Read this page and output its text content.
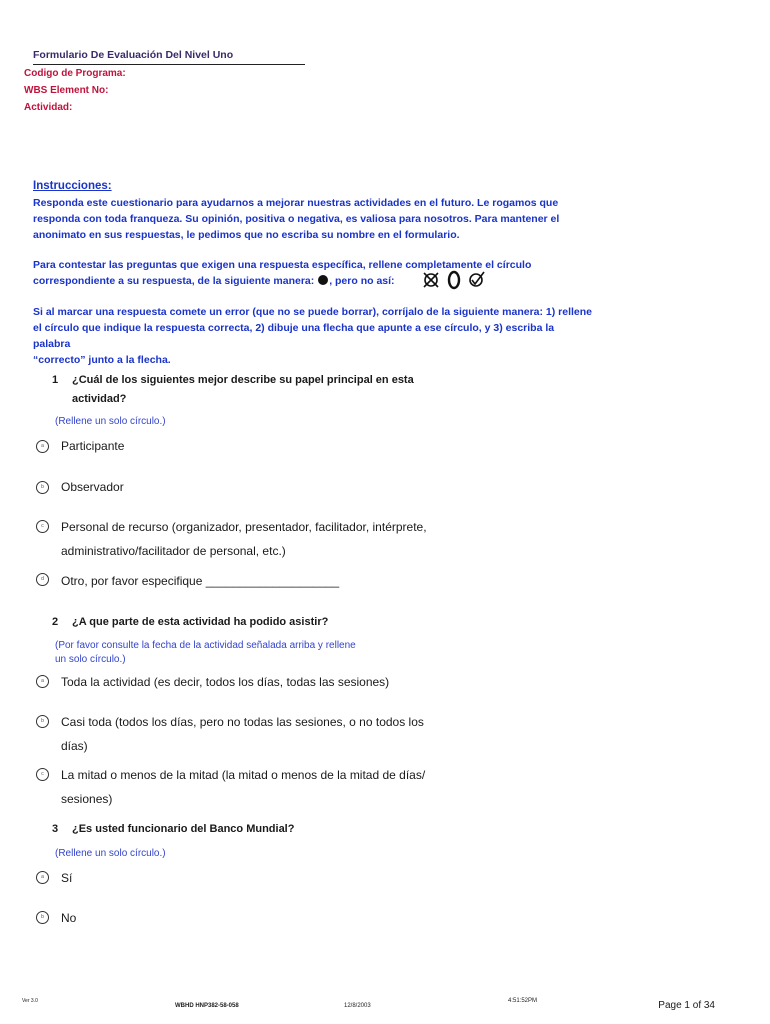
Formulario De Evaluación Del Nivel Uno
Codigo de Programa:
WBS Element No:
Actividad:
Instrucciones:
Responda este cuestionario para ayudarnos a mejorar nuestras actividades en el futuro. Le rogamos que
responda con toda franqueza. Su opinión, positiva o negativa, es valiosa para nosotros. Para mantener el
anonimato en sus respuestas, le pedimos que no escriba su nombre en el formulario.
Para contestar las preguntas que exigen una respuesta específica, rellene completamente el círculo
correspondiente a su respuesta, de la siguiente manera: , pero no así:
Si al marcar una respuesta comete un error (que no se puede borrar), corríjalo de la siguiente manera: 1) rellene
el círculo que indique la respuesta correcta, 2) dibuje una flecha que apunte a ese círculo, y 3) escriba la palabra
“correcto” junto a la flecha.
1 ¿Cuál de los siguientes mejor describe su papel principal en esta
actividad?
(Rellene un solo círculo.)
a Participante
b Observador
c Personal de recurso (organizador, presentador, facilitador, intérprete,
administrativo/facilitador de personal, etc.)
d Otro, por favor especifique ____________________
2 ¿A que parte de esta actividad ha podido asistir?
(Por favor consulte la fecha de la actividad señalada arriba y rellene
un solo círculo.)
a Toda la actividad (es decir, todos los días, todas las sesiones)
b Casi toda (todos los días, pero no todas las sesiones, o no todos los
días)
c La mitad o menos de la mitad (la mitad o menos de la mitad de días/
sesiones)
3 ¿Es usted funcionario del Banco Mundial?
(Rellene un solo círculo.)
a Sí
b No
Ver 3.0
WBHD HNP382-58-058	12/8/2003
4:51:52PM	Page 1 of 34
